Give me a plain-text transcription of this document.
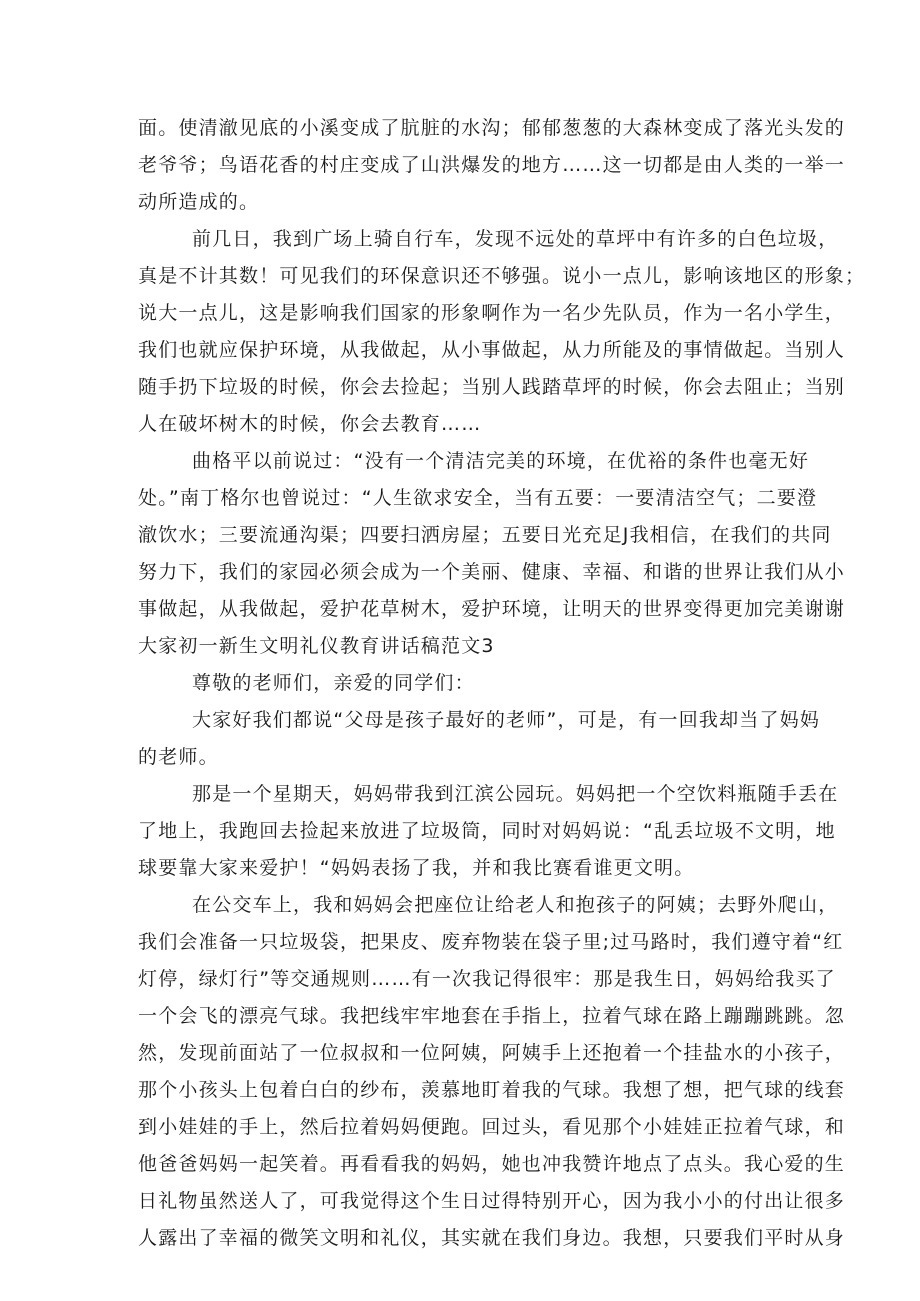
面。使清澈见底的小溪变成了肮脏的水沟；郁郁葱葱的大森林变成了落光头发的
老爷爷；鸟语花香的村庄变成了山洪爆发的地方……这一切都是由人类的一举一
动所造成的。
前几日，我到广场上骑自行车，发现不远处的草坪中有许多的白色垃圾，
真是不计其数！可见我们的环保意识还不够强。说小一点儿，影响该地区的形象；
说大一点儿，这是影响我们国家的形象啊作为一名少先队员，作为一名小学生，
我们也就应保护环境，从我做起，从小事做起，从力所能及的事情做起。当别人
随手扔下垃圾的时候，你会去捡起；当别人践踏草坪的时候，你会去阻止；当别
人在破坏树木的时候，你会去教育……
曲格平以前说过：“没有一个清洁完美的环境，在优裕的条件也毫无好
处。”南丁格尔也曾说过：“人生欲求安全，当有五要：一要清洁空气；二要澄
澈饮水；三要流通沟渠；四要扫洒房屋；五要日光充足J我相信，在我们的共同
努力下，我们的家园必须会成为一个美丽、健康、幸福、和谐的世界让我们从小
事做起，从我做起，爱护花草树木，爱护环境，让明天的世界变得更加完美谢谢
大家初一新生文明礼仪教育讲话稿范文3
尊敬的老师们，亲爱的同学们：
大家好我们都说“父母是孩子最好的老师”，可是，有一回我却当了妈妈
的老师。
那是一个星期天，妈妈带我到江滨公园玩。妈妈把一个空饮料瓶随手丢在
了地上，我跑回去捡起来放进了垃圾筒，同时对妈妈说：“乱丢垃圾不文明，地
球要靠大家来爱护！“妈妈表扬了我，并和我比赛看谁更文明。
在公交车上，我和妈妈会把座位让给老人和抱孩子的阿姨；去野外爬山，
我们会准备一只垃圾袋，把果皮、废弃物装在袋子里;过马路时，我们遵守着“红
灯停，绿灯行”等交通规则……有一次我记得很牢：那是我生日，妈妈给我买了
一个会飞的漂亮气球。我把线牢牢地套在手指上，拉着气球在路上蹦蹦跳跳。忽
然，发现前面站了一位叔叔和一位阿姨，阿姨手上还抱着一个挂盐水的小孩子，
那个小孩头上包着白白的纱布，羡慕地盯着我的气球。我想了想，把气球的线套
到小娃娃的手上，然后拉着妈妈便跑。回过头，看见那个小娃娃正拉着气球，和
他爸爸妈妈一起笑着。再看看我的妈妈，她也冲我赞许地点了点头。我心爱的生
日礼物虽然送人了，可我觉得这个生日过得特别开心，因为我小小的付出让很多
人露出了幸福的微笑文明和礼仪，其实就在我们身边。我想，只要我们平时从身
